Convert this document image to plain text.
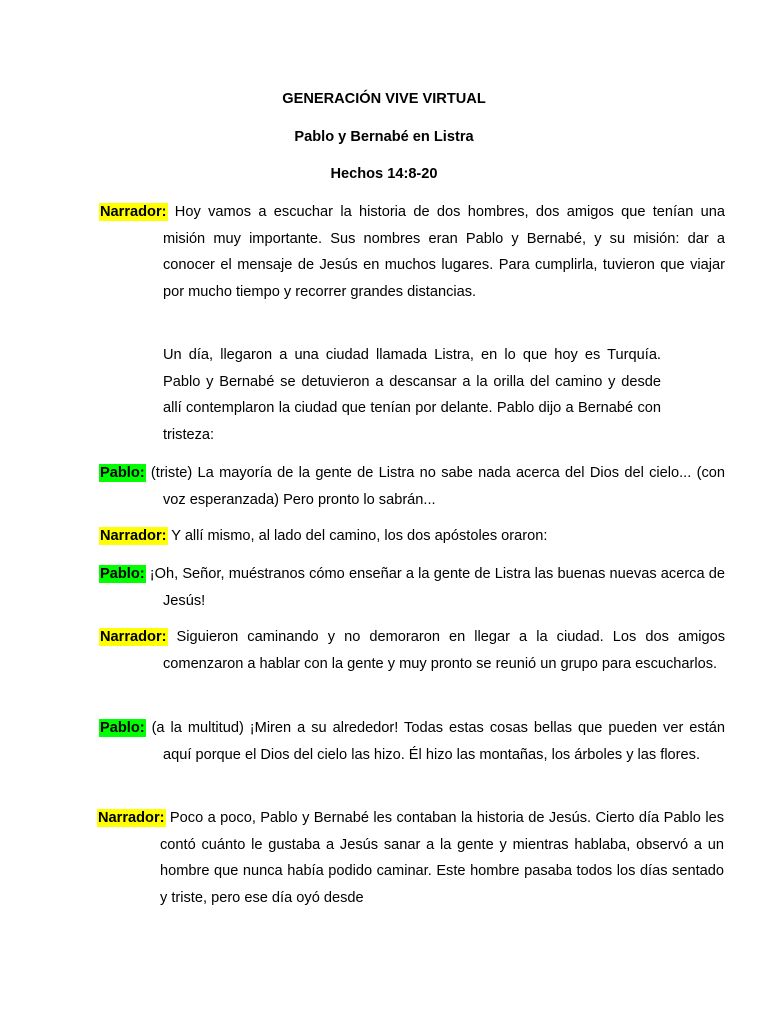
GENERACIÓN VIVE VIRTUAL
Pablo y Bernabé en Listra
Hechos 14:8-20
Narrador: Hoy vamos a escuchar la historia de dos hombres, dos amigos que tenían una misión muy importante. Sus nombres eran Pablo y Bernabé, y su misión: dar a conocer el mensaje de Jesús en muchos lugares. Para cumplirla, tuvieron que viajar por mucho tiempo y recorrer grandes distancias.
Un día, llegaron a una ciudad llamada Listra, en lo que hoy es Turquía. Pablo y Bernabé se detuvieron a descansar a la orilla del camino y desde allí contemplaron la ciudad que tenían por delante. Pablo dijo a Bernabé con tristeza:
Pablo: (triste) La mayoría de la gente de Listra no sabe nada acerca del Dios del cielo... (con voz esperanzada) Pero pronto lo sabrán...
Narrador: Y allí mismo, al lado del camino, los dos apóstoles oraron:
Pablo: ¡Oh, Señor, muéstranos cómo enseñar a la gente de Listra las buenas nuevas acerca de Jesús!
Narrador: Siguieron caminando y no demoraron en llegar a la ciudad. Los dos amigos comenzaron a hablar con la gente y muy pronto se reunió un grupo para escucharlos.
Pablo: (a la multitud) ¡Miren a su alrededor! Todas estas cosas bellas que pueden ver están aquí porque el Dios del cielo las hizo. Él hizo las montañas, los árboles y las flores.
Narrador: Poco a poco, Pablo y Bernabé les contaban la historia de Jesús. Cierto día Pablo les contó cuánto le gustaba a Jesús sanar a la gente y mientras hablaba, observó a un hombre que nunca había podido caminar. Este hombre pasaba todos los días sentado y triste, pero ese día oyó desde
